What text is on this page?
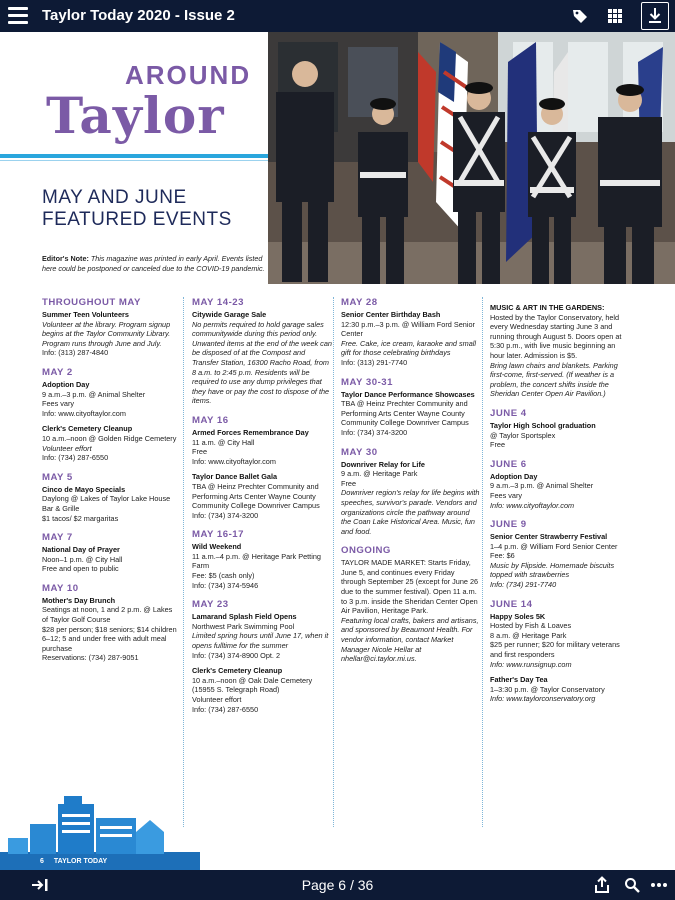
Taylor Today 2020 - Issue 2
AROUND
Taylor
MAY AND JUNE
FEATURED EVENTS
Editor's Note: This magazine was printed in early April. Events listed here could be postponed or canceled due to the COVID-19 pandemic.
THROUGHOUT MAY
Summer Teen Volunteers
Volunteer at the library. Program signup begins at the Taylor Community Library. Program runs through June and July.
Info: (313) 287-4840
MAY 2
Adoption Day
9 a.m.–3 p.m. @ Animal Shelter
Fees vary
Info: www.cityoftaylor.com
Clerk's Cemetery Cleanup
10 a.m.–noon @ Golden Ridge Cemetery
Volunteer effort
Info: (734) 287-6550
MAY 5
Cinco de Mayo Specials
Daylong @ Lakes of Taylor Lake House Bar & Grille
$1 tacos/ $2 margaritas
MAY 7
National Day of Prayer
Noon–1 p.m. @ City Hall
Free and open to public
MAY 10
Mother's Day Brunch
Seatings at noon, 1 and 2 p.m. @ Lakes of Taylor Golf Course
$28 per person; $18 seniors; $14 children 6–12; 5 and under free with adult meal purchase
Reservations: (734) 287-9051
MAY 14-23
Citywide Garage Sale
No permits required to hold garage sales communitywide during this period only. Unwanted items at the end of the week can be disposed of at the Compost and Transfer Station, 16300 Racho Road, from 8 a.m. to 2:45 p.m. Residents will be required to use any dump privileges that they have or pay the cost to dispose of the items.
MAY 16
Armed Forces Remembrance Day
11 a.m. @ City Hall
Free
Info: www.cityoftaylor.com
Taylor Dance Ballet Gala
TBA @ Heinz Prechter Community and Performing Arts Center Wayne County Community College Downriver Campus
Info: (734) 374-3200
MAY 16-17
Wild Weekend
11 a.m.–4 p.m. @ Heritage Park Petting Farm
Fee: $5 (cash only)
Info: (734) 374-5946
MAY 23
Lamarand Splash Field Opens
Northwest Park Swimming Pool
Limited spring hours until June 17, when it opens fulltime for the summer
Info: (734) 374-8900 Opt. 2
Clerk's Cemetery Cleanup
10 a.m.–noon @ Oak Dale Cemetery (15955 S. Telegraph Road)
Volunteer effort
Info: (734) 287-6550
MAY 28
Senior Center Birthday Bash
12:30 p.m.–3 p.m. @ William Ford Senior Center
Free. Cake, ice cream, karaoke and small gift for those celebrating birthdays
Info: (313) 291-7740
MAY 30-31
Taylor Dance Performance Showcases
TBA @ Heinz Prechter Community and Performing Arts Center Wayne County Community College Downriver Campus
Info: (734) 374-3200
MAY 30
Downriver Relay for Life
9 a.m. @ Heritage Park
Free
Downriver region's relay for life begins with speeches, survivor's parade. Vendors and organizations circle the pathway around the Coan Lake Historical Area. Music, fun and food.
ONGOING
TAYLOR MADE MARKET: Starts Friday, June 5, and continues every Friday through September 25 (except for June 26 due to the summer festival). Open 11 a.m. to 3 p.m. inside the Sheridan Center Open Air Pavilion, Heritage Park.
Featuring local crafts, bakers and artisans, and sponsored by Beaumont Health. For vendor information, contact Market Manager Nicole Hellar at nhellar@ci.taylor.mi.us.
MUSIC & ART IN THE GARDENS:
Hosted by the Taylor Conservatory, held every Wednesday starting June 3 and running through August 5. Doors open at 5:30 p.m., with live music beginning an hour later. Admission is $5.
Bring lawn chairs and blankets. Parking first-come, first-served. (If weather is a problem, the concert shifts inside the Sheridan Center Open Air Pavilion.)
JUNE 4
Taylor High School graduation
@ Taylor Sportsplex
Free
JUNE 6
Adoption Day
9 a.m.–3 p.m. @ Animal Shelter
Fees vary
Info: www.cityoftaylor.com
JUNE 9
Senior Center Strawberry Festival
1–4 p.m. @ William Ford Senior Center
Fee: $6
Music by Flipside. Homemade biscuits topped with strawberries
Info: (734) 291-7740
JUNE 14
Happy Soles 5K
Hosted by Fish & Loaves
8 a.m. @ Heritage Park
$25 per runner; $20 for military veterans and first responders
Info: www.runsignup.com
Father's Day Tea
1–3:30 p.m. @ Taylor Conservatory
Info: www.taylorconservatory.org
6 TAYLOR TODAY
Page 6 / 36
